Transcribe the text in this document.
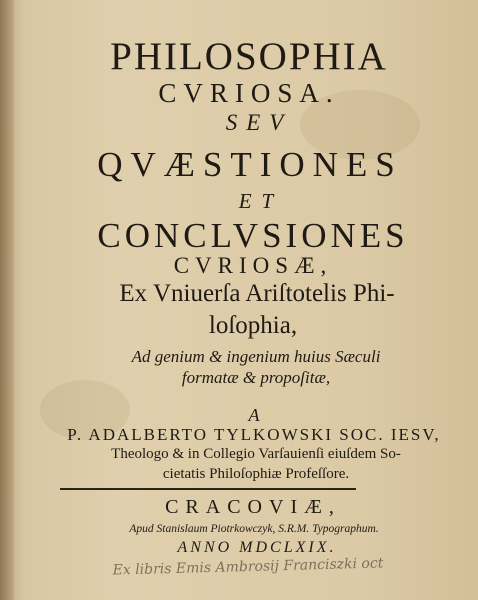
PHILOSOPHIA
CVRIOSA.
SEV
QVÆSTIONES
ET
CONCLVSIONES
CVRIOSÆ,
Ex Vniuerſa Ariſtotelis Phi-
loſophia,
Ad genium & ingenium huius Sæculi
formatæ & propoſitæ,
A
P. ADALBERTO TYLKOWSKI SOC. IESV,
Theologo & in Collegio Varſauienſi eiuſdem So-
cietatis Philoſophiæ Profeſſore.
CRACOVIÆ,
Apud Stanislaum Piotrkowczyk, S.R.M. Typographum.
ANNO MDCLXIX.
Ex libris Emis Ambrosij Franciszki oct
